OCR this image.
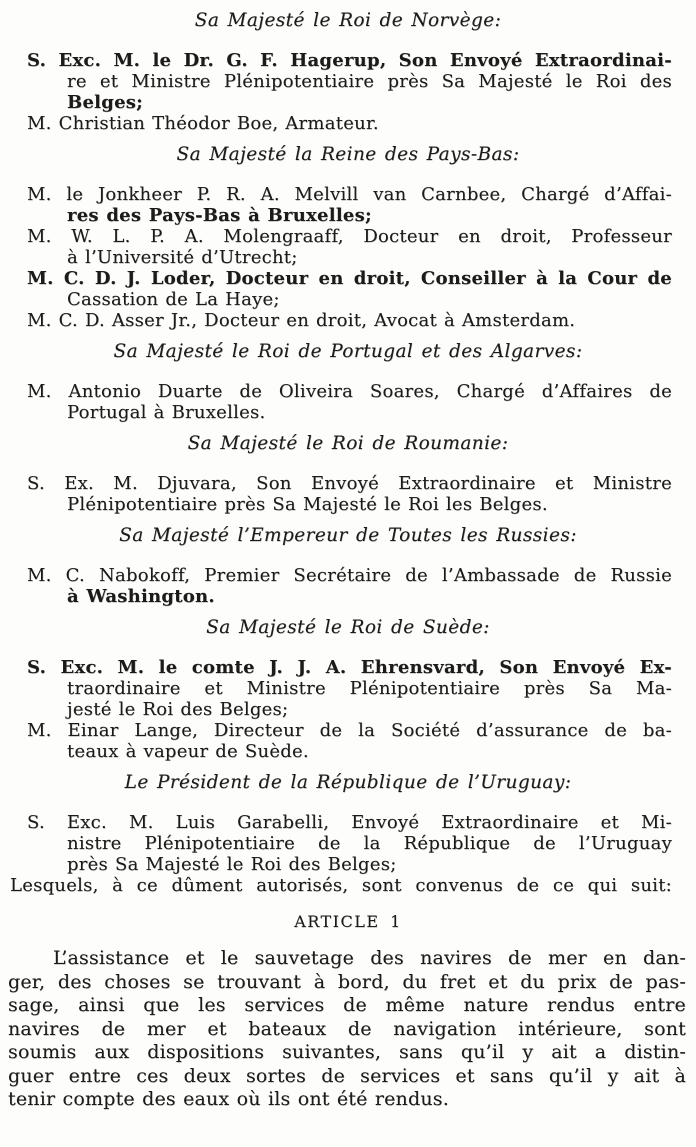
Sa Majesté le Roi de Norvège:
S. Exc. M. le Dr. G. F. Hagerup, Son Envoyé Extraordinai-
re et Ministre Plénipotentiaire près Sa Majesté le Roi des
Belges;
M. Christian Théodor Boe, Armateur.
Sa Majesté la Reine des Pays-Bas:
M. le Jonkheer P. R. A. Melvill van Carnbee, Chargé d’Affai-
res des Pays-Bas à Bruxelles;
M. W. L. P. A. Molengraaff, Docteur en droit, Professeur
à l’Université d’Utrecht;
M. C. D. J. Loder, Docteur en droit, Conseiller à la Cour de
Cassation de La Haye;
M. C. D. Asser Jr., Docteur en droit, Avocat à Amsterdam.
Sa Majesté le Roi de Portugal et des Algarves:
M. Antonio Duarte de Oliveira Soares, Chargé d’Affaires de
Portugal à Bruxelles.
Sa Majesté le Roi de Roumanie:
S. Ex. M. Djuvara, Son Envoyé Extraordinaire et Ministre
Plénipotentiaire près Sa Majesté le Roi les Belges.
Sa Majesté l’Empereur de Toutes les Russies:
M. C. Nabokoff, Premier Secrétaire de l’Ambassade de Russie
à Washington.
Sa Majesté le Roi de Suède:
S. Exc. M. le comte J. J. A. Ehrensvard, Son Envoyé Ex-
traordinaire et Ministre Plénipotentiaire près Sa Ma-
jesté le Roi des Belges;
M. Einar Lange, Directeur de la Société d’assurance de ba-
teaux à vapeur de Suède.
Le Président de la République de l’Uruguay:
S. Exc. M. Luis Garabelli, Envoyé Extraordinaire et Mi-
nistre Plénipotentiaire de la République de l’Uruguay
près Sa Majesté le Roi des Belges;
Lesquels, à ce dûment autorisés, sont convenus de ce qui suit:
ARTICLE 1
L’assistance et le sauvetage des navires de mer en dan-
ger, des choses se trouvant à bord, du fret et du prix de pas-
sage, ainsi que les services de même nature rendus entre
navires de mer et bateaux de navigation intérieure, sont
soumis aux dispositions suivantes, sans qu’il y ait a distin-
guer entre ces deux sortes de services et sans qu’il y ait à
tenir compte des eaux où ils ont été rendus.
